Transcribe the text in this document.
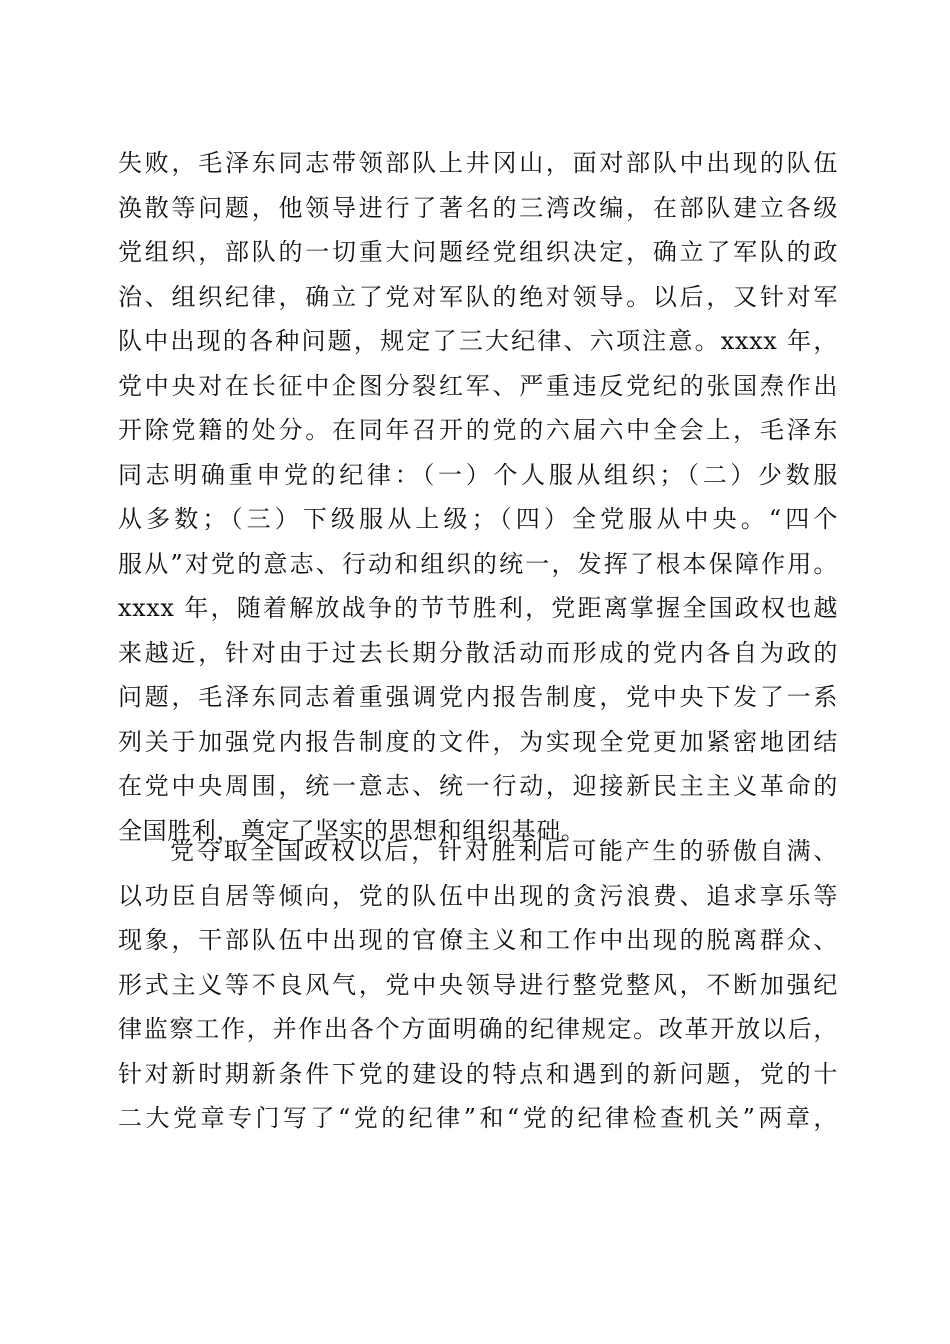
失败，毛泽东同志带领部队上井冈山，面对部队中出现的队伍
涣散等问题，他领导进行了著名的三湾改编，在部队建立各级
党组织，部队的一切重大问题经党组织决定，确立了军队的政
治、组织纪律，确立了党对军队的绝对领导。以后，又针对军
队中出现的各种问题，规定了三大纪律、六项注意。xxxx 年，
党中央对在长征中企图分裂红军、严重违反党纪的张国焘作出
开除党籍的处分。在同年召开的党的六届六中全会上，毛泽东
同志明确重申党的纪律：（一）个人服从组织；（二）少数服
从多数；（三）下级服从上级；（四）全党服从中央。“四个
服从”对党的意志、行动和组织的统一，发挥了根本保障作用。
xxxx 年，随着解放战争的节节胜利，党距离掌握全国政权也越
来越近，针对由于过去长期分散活动而形成的党内各自为政的
问题，毛泽东同志着重强调党内报告制度，党中央下发了一系
列关于加强党内报告制度的文件，为实现全党更加紧密地团结
在党中央周围，统一意志、统一行动，迎接新民主主义革命的
全国胜利，奠定了坚实的思想和组织基础。
党夺取全国政权以后，针对胜利后可能产生的骄傲自满、
以功臣自居等倾向，党的队伍中出现的贪污浪费、追求享乐等
现象，干部队伍中出现的官僚主义和工作中出现的脱离群众、
形式主义等不良风气，党中央领导进行整党整风，不断加强纪
律监察工作，并作出各个方面明确的纪律规定。改革开放以后，
针对新时期新条件下党的建设的特点和遇到的新问题，党的十
二大党章专门写了“党的纪律”和“党的纪律检查机关”两章，
